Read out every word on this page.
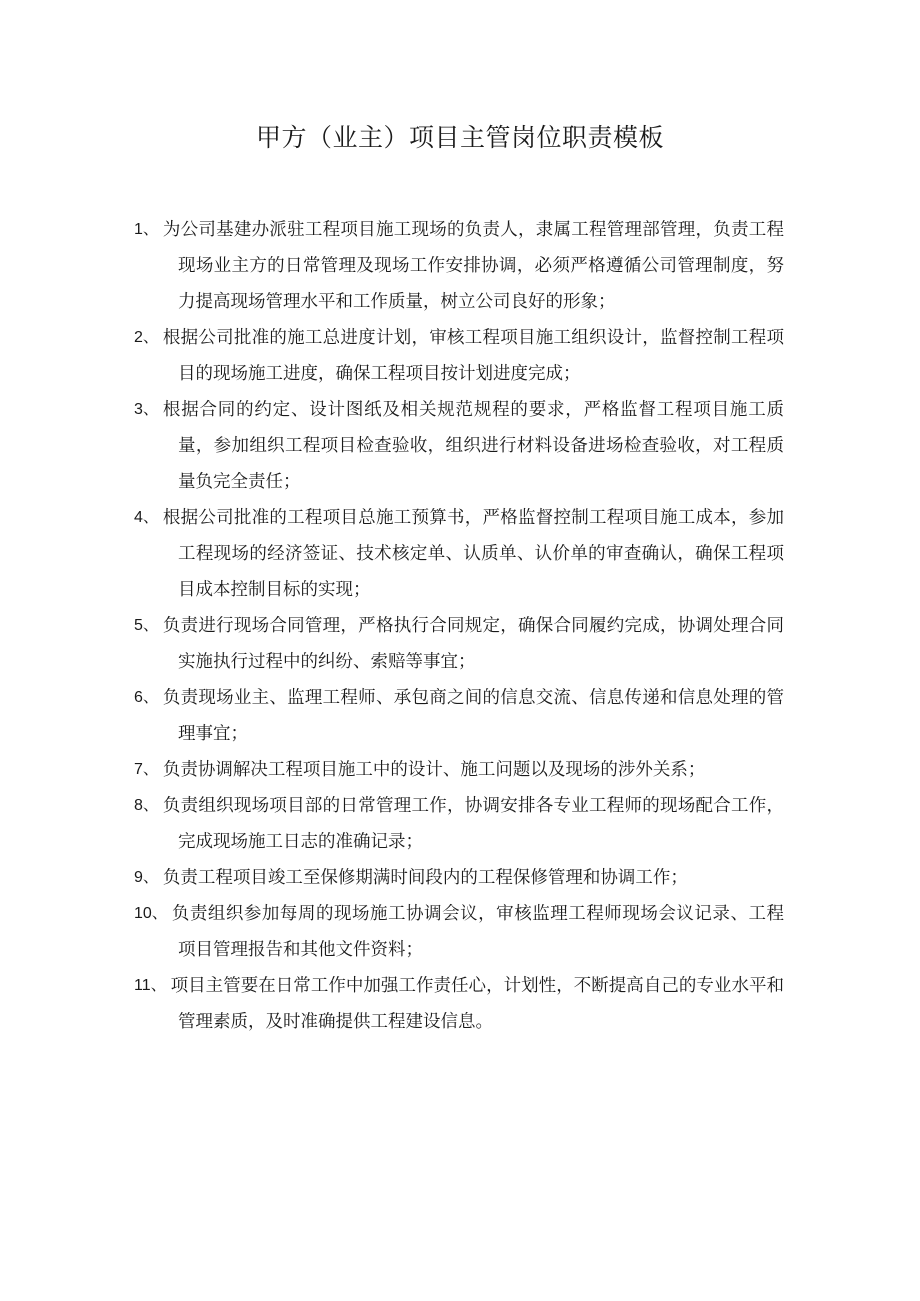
甲方（业主）项目主管岗位职责模板
1、 为公司基建办派驻工程项目施工现场的负责人，隶属工程管理部管理，负责工程现场业主方的日常管理及现场工作安排协调，必须严格遵循公司管理制度，努力提高现场管理水平和工作质量，树立公司良好的形象；
2、 根据公司批准的施工总进度计划，审核工程项目施工组织设计，监督控制工程项目的现场施工进度，确保工程项目按计划进度完成；
3、 根据合同的约定、设计图纸及相关规范规程的要求，严格监督工程项目施工质量，参加组织工程项目检查验收，组织进行材料设备进场检查验收，对工程质量负完全责任；
4、 根据公司批准的工程项目总施工预算书，严格监督控制工程项目施工成本，参加工程现场的经济签证、技术核定单、认质单、认价单的审查确认，确保工程项目成本控制目标的实现；
5、 负责进行现场合同管理，严格执行合同规定，确保合同履约完成，协调处理合同实施执行过程中的纠纷、索赔等事宜；
6、 负责现场业主、监理工程师、承包商之间的信息交流、信息传递和信息处理的管理事宜；
7、 负责协调解决工程项目施工中的设计、施工问题以及现场的涉外关系；
8、 负责组织现场项目部的日常管理工作，协调安排各专业工程师的现场配合工作，完成现场施工日志的准确记录；
9、 负责工程项目竣工至保修期满时间段内的工程保修管理和协调工作；
10、 负责组织参加每周的现场施工协调会议，审核监理工程师现场会议记录、工程项目管理报告和其他文件资料；
11、 项目主管要在日常工作中加强工作责任心，计划性，不断提高自己的专业水平和管理素质，及时准确提供工程建设信息。
